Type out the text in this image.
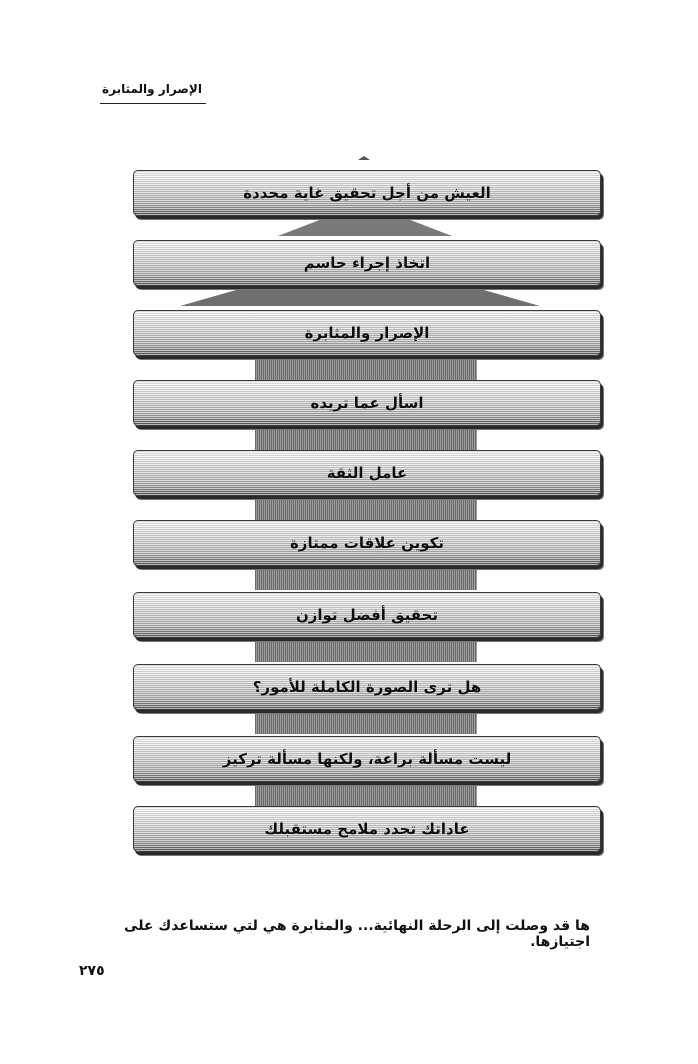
الإصرار والمثابرة
العيش من أجل تحقيق غاية محددة
اتخاذ إجراء حاسم
الإصرار والمثابرة
اسأل عما تريده
عامل الثقة
تكوين علاقات ممتازة
تحقيق أفضل توازن
هل ترى الصورة الكاملة للأمور؟
ليست مسألة براعة، ولكنها مسألة تركيز
عاداتك تحدد ملامح مستقبلك
ها قد وصلت إلى الرحلة النهائية... والمثابرة هي لتي ستساعدك على اجتيازها.
٢٧٥
